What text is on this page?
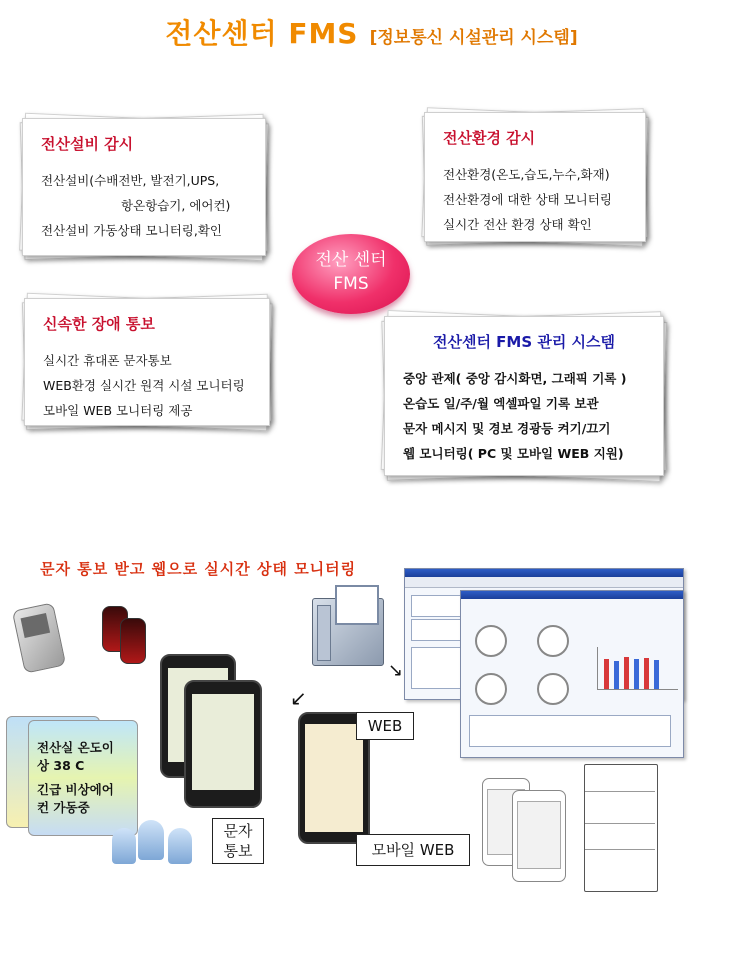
전산센터 FMS [정보통신 시설관리 시스템]
전산설비 감시
전산설비(수배전반, 발전기,UPS,
항온항습기, 에어컨)
전산설비 가동상태 모니터링,확인
전산환경 감시
전산환경(온도,습도,누수,화재)
전산환경에 대한 상태 모니터링
실시간 전산 환경 상태 확인
전산 센터
FMS
신속한 장애 통보
실시간 휴대폰 문자통보
WEB환경 실시간 원격 시설 모니터링
모바일 WEB 모니터링 제공
전산센터 FMS 관리 시스템
중앙 관제( 중앙 감시화면, 그래픽 기록 )
온습도 일/주/월 엑셀파일 기록 보관
문자 메시지 및 경보 경광등 켜기/끄기
웹 모니터링( PC 및 모바일 WEB 지원)
문자 통보 받고 웹으로 실시간 상태 모니터링
↘
↙
전산실 온도이
상 38 C
긴급 비상에어
컨 가동중
문자
통보
WEB
모바일 WEB
